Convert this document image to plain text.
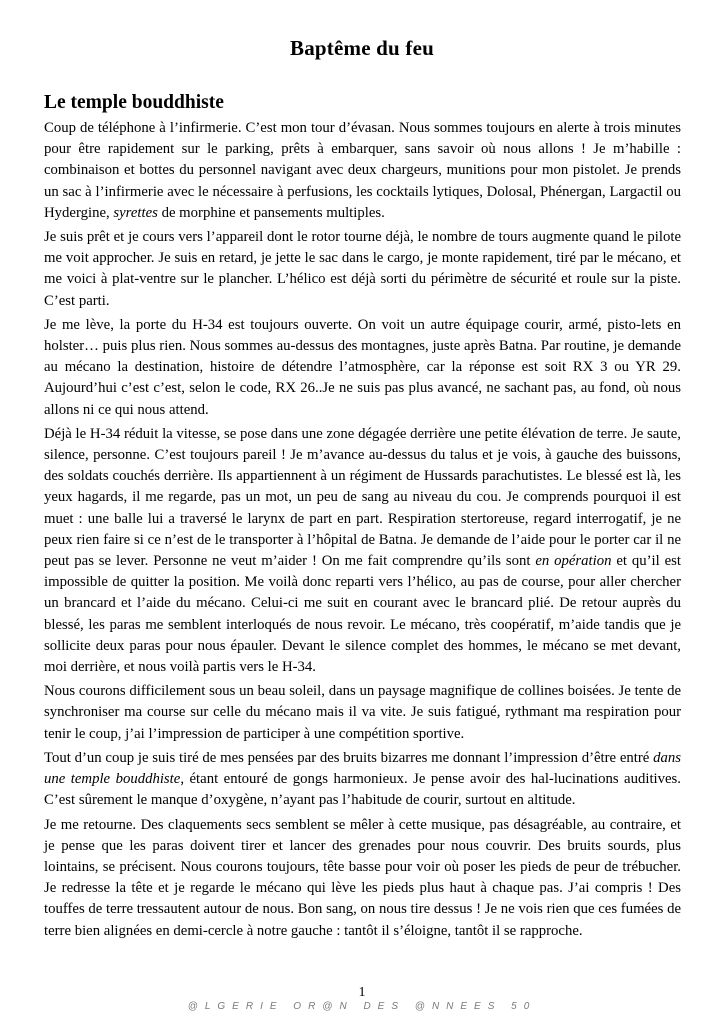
Baptême du feu
Le temple bouddhiste

Coup de téléphone à l’infirmerie. C’est mon tour d’évasan. Nous sommes toujours en alerte à trois minutes pour être rapidement sur le parking, prêts à embarquer, sans savoir où nous allons ! Je m’habille : combinaison et bottes du personnel navigant avec deux chargeurs, munitions pour mon pistolet. Je prends un sac à l’infirmerie avec le nécessaire à perfusions, les cocktails lytiques, Dolosal, Phénergan, Largactil ou Hydergine, syrettes de morphine et pansements multiples.

Je suis prêt et je cours vers l’appareil dont le rotor tourne déjà, le nombre de tours augmente quand le pilote me voit approcher. Je suis en retard, je jette le sac dans le cargo, je monte rapidement, tiré par le mécano, et me voici à plat-ventre sur le plancher. L’hélico est déjà sorti du périmètre de sécurité et roule sur la piste. C’est parti.

Je me lève, la porte du H-34 est toujours ouverte. On voit un autre équipage courir, armé, pisto-lets en holster… puis plus rien. Nous sommes au-dessus des montagnes, juste après Batna. Par routine, je demande au mécano la destination, histoire de détendre l’atmosphère, car la réponse est soit RX 3 ou YR 29. Aujourd’hui c’est c’est, selon le code, RX 26..Je ne suis pas plus avancé, ne sachant pas, au fond, où nous allons ni ce qui nous attend.

Déjà le H-34 réduit la vitesse, se pose dans une zone dégagée derrière une petite élévation de terre. Je saute, silence, personne. C’est toujours pareil ! Je m’avance au-dessus du talus et je vois, à gauche des buissons, des soldats couchés derrière. Ils appartiennent à un régiment de Hussards parachutistes. Le blessé est là, les yeux hagards, il me regarde, pas un mot, un peu de sang au niveau du cou. Je comprends pourquoi il est muet : une balle lui a traversé le larynx de part en part. Respiration stertoreuse, regard interrogatif, je ne peux rien faire si ce n’est de le transporter à l’hôpital de Batna. Je demande de l’aide pour le porter car il ne peut pas se lever. Personne ne veut m’aider ! On me fait comprendre qu’ils sont en opération et qu’il est impossible de quitter la position. Me voilà donc reparti vers l’hélico, au pas de course, pour aller chercher un brancard et l’aide du mécano. Celui-ci me suit en courant avec le brancard plié. De retour auprès du blessé, les paras me semblent interloqués de nous revoir. Le mécano, très coopératif, m’aide tandis que je sollicite deux paras pour nous épauler. Devant le silence complet des hommes, le mécano se met devant, moi derrière, et nous voilà partis vers le H-34.

Nous courons difficilement sous un beau soleil, dans un paysage magnifique de collines boisées. Je tente de synchroniser ma course sur celle du mécano mais il va vite. Je suis fatigué, rythmant ma respiration pour tenir le coup, j’ai l’impression de participer à une compétition sportive.

Tout d’un coup je suis tiré de mes pensées par des bruits bizarres me donnant l’impression d’être entré dans une temple bouddhiste, étant entouré de gongs harmonieux. Je pense avoir des hal-lucinations auditives. C’est sûrement le manque d’oxygène, n’ayant pas l’habitude de courir, surtout en altitude.

Je me retourne. Des claquements secs semblent se mêler à cette musique, pas désagréable, au contraire, et je pense que les paras doivent tirer et lancer des grenades pour nous couvrir. Des bruits sourds, plus lointains, se précisent. Nous courons toujours, tête basse pour voir où poser les pieds de peur de trébucher. Je redresse la tête et je regarde le mécano qui lève les pieds plus haut à chaque pas. J’ai compris ! Des touffes de terre tressautent autour de nous. Bon sang, on nous tire dessus ! Je ne vois rien que ces fumées de terre bien alignées en demi-cercle à notre gauche : tantôt il s’éloigne, tantôt il se rapproche.

1
@LGERIE OR@N DES @NNEES 50
